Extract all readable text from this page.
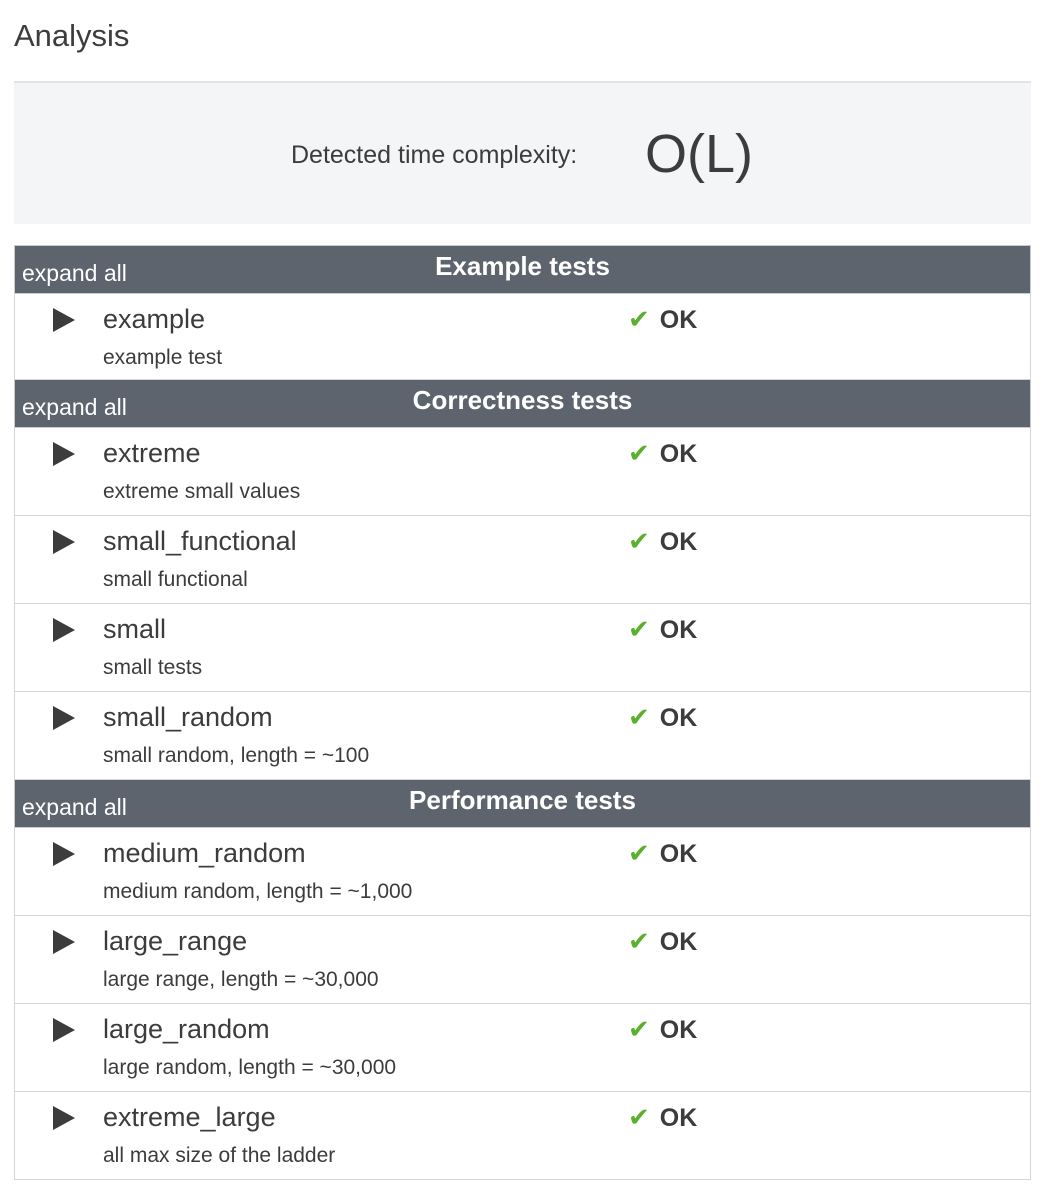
Analysis
Detected time complexity: O(L)
expand all	Example tests

example
example test
✔ OK

expand all	Correctness tests

extreme
extreme small values
✔ OK

small_functional
small functional
✔ OK

small
small tests
✔ OK

small_random
small random, length = ~100
✔ OK

expand all	Performance tests

medium_random
medium random, length = ~1,000
✔ OK

large_range
large range, length = ~30,000
✔ OK

large_random
large random, length = ~30,000
✔ OK

extreme_large
all max size of the ladder
✔ OK
